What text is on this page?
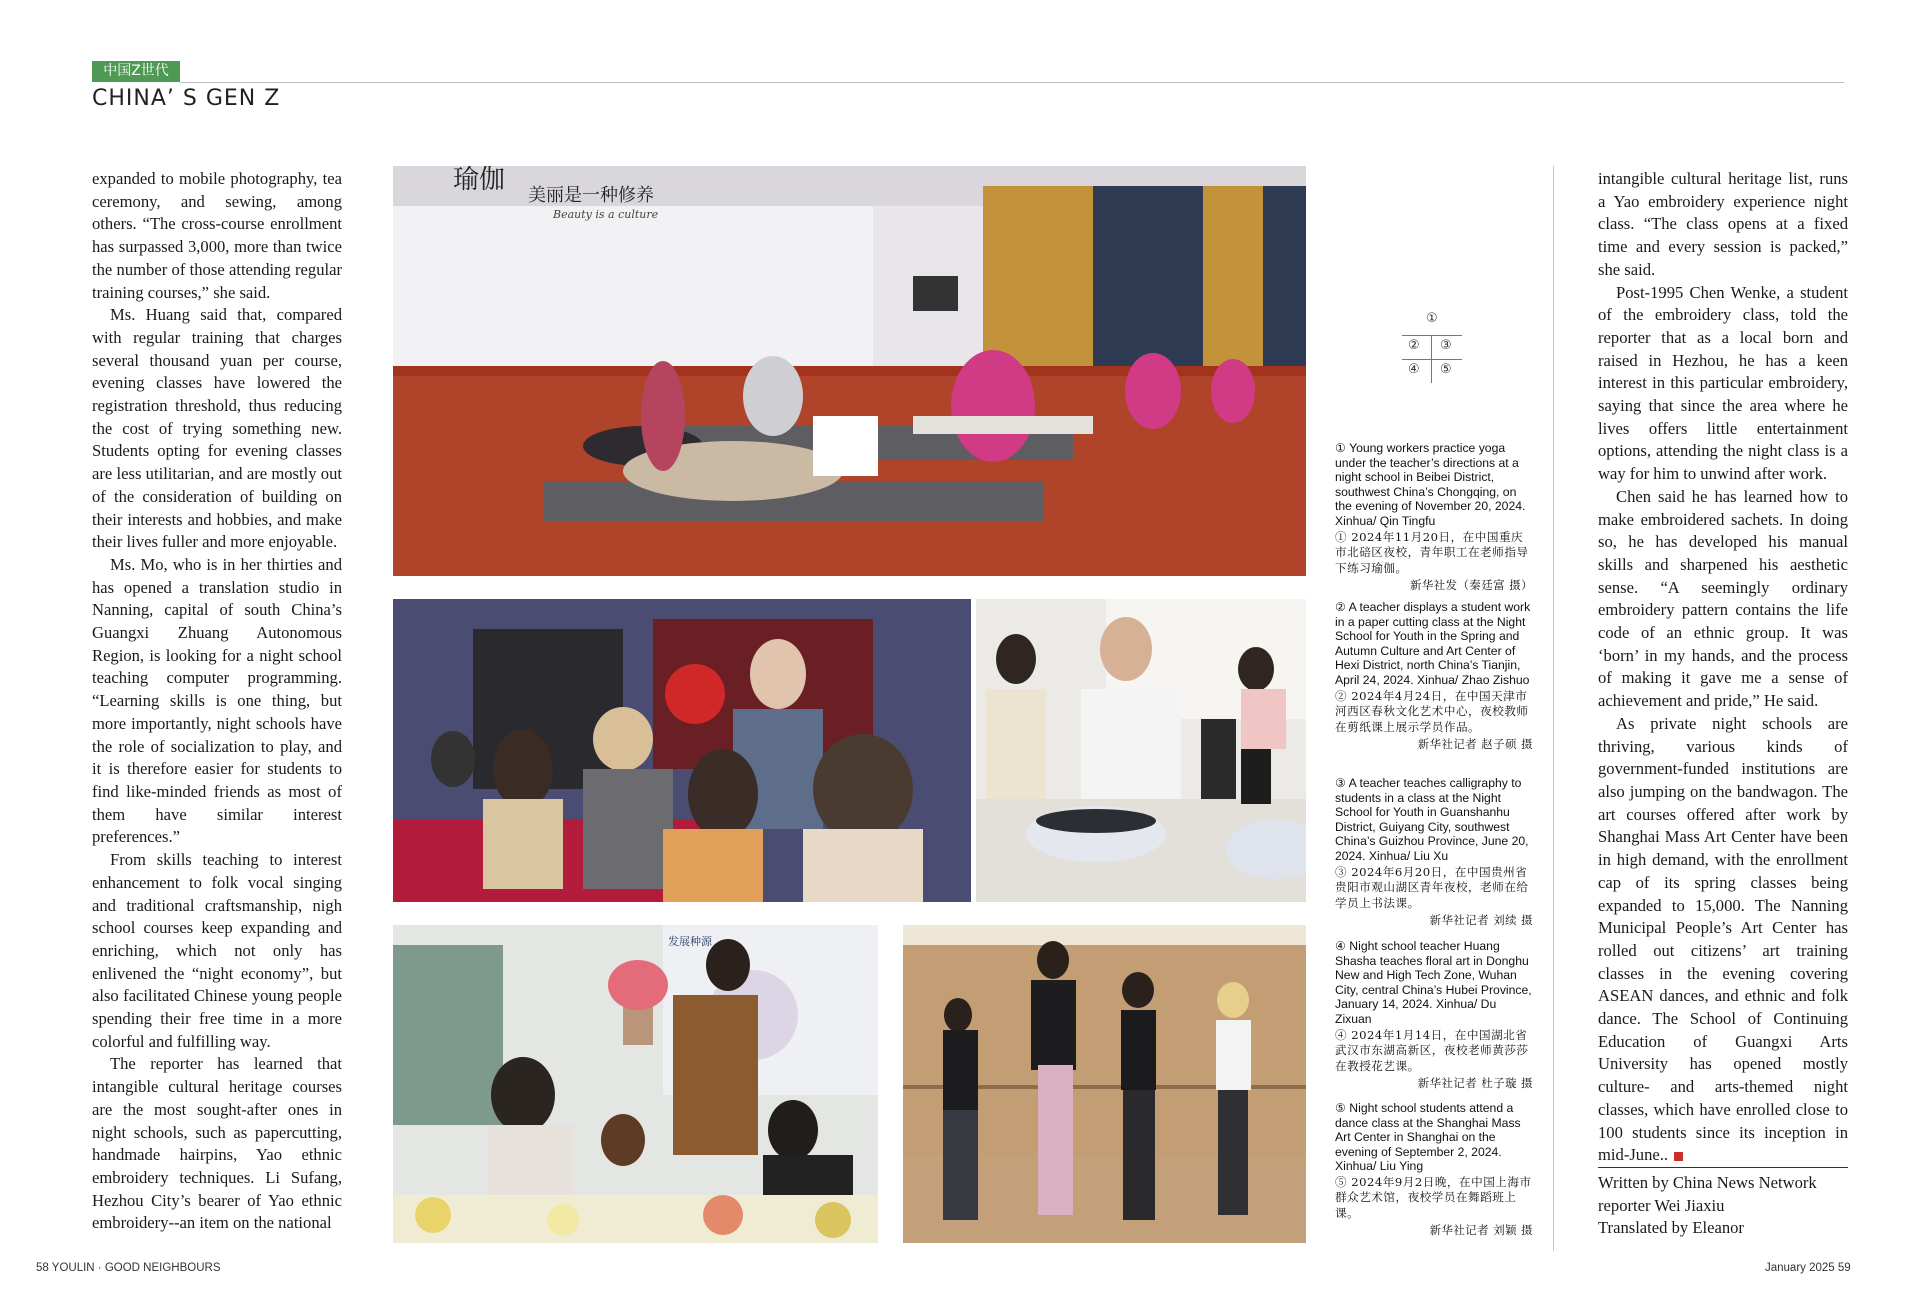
中国Z世代
CHINA’ S GEN Z

expanded to mobile photography, tea ceremony, and sewing, among others. “The cross-course enrollment has surpassed 3,000, more than twice the number of those attending regular training courses,” she said.

Ms. Huang said that, compared with regular training that charges several thousand yuan per course, evening classes have lowered the registration threshold, thus reducing the cost of trying something new. Students opting for evening classes are less utilitarian, and are mostly out of the consideration of building on their interests and hobbies, and make their lives fuller and more enjoyable.

Ms. Mo, who is in her thirties and has opened a translation studio in Nanning, capital of south China’s Guangxi Zhuang Autonomous Region, is looking for a night school teaching computer programming. “Learning skills is one thing, but more importantly, night schools have the role of socialization to play, and it is therefore easier for students to find like-minded friends as most of them have similar interest preferences.”

From skills teaching to interest enhancement to folk vocal singing and traditional craftsmanship, nigh school courses keep expanding and enriching, which not only has enlivened the “night economy”, but also facilitated Chinese young people spending their free time in a more colorful and fulfilling way.

The reporter has learned that intangible cultural heritage courses are the most sought-after ones in night schools, such as papercutting, handmade hairpins, Yao ethnic embroidery techniques. Li Sufang, Hezhou City’s bearer of Yao ethnic embroidery--an item on the national

瑜伽
美丽是一种修养
Beauty is a culture
发展种源
①
② ③
④ ⑤
① Young workers practice yoga under the teacher’s directions at a night school in Beibei District, southwest China’s Chongqing, on the evening of November 20, 2024. Xinhua/ Qin Tingfu
① 2024年11月20日，在中国重庆市北碚区夜校，青年职工在老师指导下练习瑜伽。
新华社发（秦廷富 摄）
② A teacher displays a student work in a paper cutting class at the Night School for Youth in the Spring and Autumn Culture and Art Center of Hexi District, north China’s Tianjin, April 24, 2024. Xinhua/ Zhao Zishuo
② 2024年4月24日，在中国天津市河西区春秋文化艺术中心，夜校教师在剪纸课上展示学员作品。
新华社记者 赵子硕 摄
③ A teacher teaches calligraphy to students in a class at the Night School for Youth in Guanshanhu District, Guiyang City, southwest China’s Guizhou Province, June 20, 2024. Xinhua/ Liu Xu
③ 2024年6月20日，在中国贵州省贵阳市观山湖区青年夜校，老师在给学员上书法课。
新华社记者 刘续 摄
④ Night school teacher Huang Shasha teaches floral art in Donghu New and High Tech Zone, Wuhan City, central China’s Hubei Province, January 14, 2024. Xinhua/ Du Zixuan
④ 2024年1月14日，在中国湖北省武汉市东湖高新区，夜校老师黄莎莎在教授花艺课。
新华社记者 杜子璇 摄
⑤ Night school students attend a dance class at the Shanghai Mass Art Center in Shanghai on the evening of September 2, 2024. Xinhua/ Liu Ying
⑤ 2024年9月2日晚，在中国上海市群众艺术馆，夜校学员在舞蹈班上课。
新华社记者 刘颖 摄

intangible cultural heritage list, runs a Yao embroidery experience night class. “The class opens at a fixed time and every session is packed,” she said.

Post-1995 Chen Wenke, a student of the embroidery class, told the reporter that as a local born and raised in Hezhou, he has a keen interest in this particular embroidery, saying that since the area where he lives offers little entertainment options, attending the night class is a way for him to unwind after work.

Chen said he has learned how to make embroidered sachets. In doing so, he has developed his manual skills and sharpened his aesthetic sense. “A seemingly ordinary embroidery pattern contains the life code of an ethnic group. It was ‘born’ in my hands, and the process of making it gave me a sense of achievement and pride,” He said.

As private night schools are thriving, various kinds of government-funded institutions are also jumping on the bandwagon. The art courses offered after work by Shanghai Mass Art Center have been in high demand, with the enrollment cap of its spring classes being expanded to 15,000. The Nanning Municipal People’s Art Center has rolled out citizens’ art training classes in the evening covering ASEAN dances, and ethnic and folk dance. The School of Continuing Education of Guangxi Arts University has opened mostly culture- and arts-themed night classes, which have enrolled close to 100 students since its inception in mid-June..

Written by China News Network
reporter Wei Jiaxiu
Translated by Eleanor
58 YOULIN · GOOD NEIGHBOURS	January 2025 59
